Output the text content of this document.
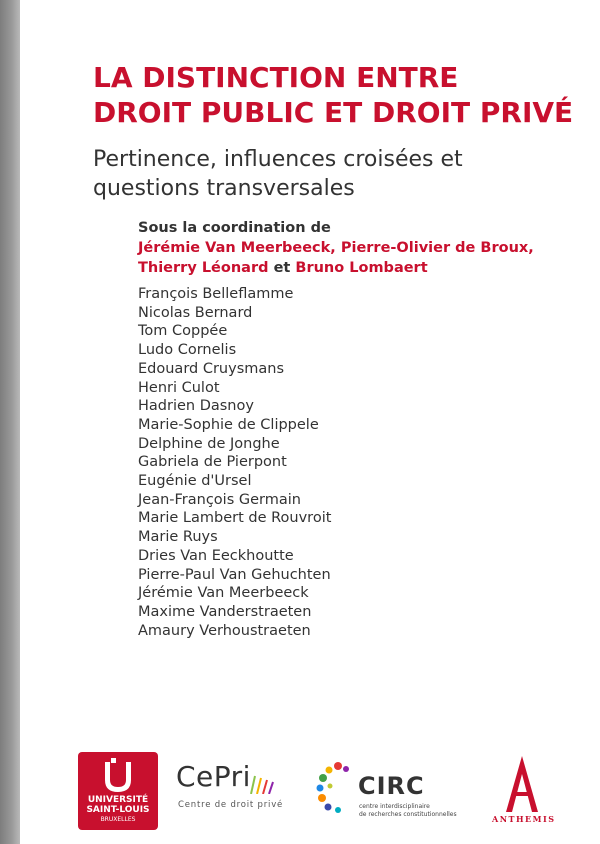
LA DISTINCTION ENTRE
DROIT PUBLIC ET DROIT PRIVÉ
Pertinence, influences croisées et
questions transversales
Sous la coordination de
Jérémie Van Meerbeeck, Pierre-Olivier de Broux,
Thierry Léonard et Bruno Lombaert
François Belleflamme
Nicolas Bernard
Tom Coppée
Ludo Cornelis
Edouard Cruysmans
Henri Culot
Hadrien Dasnoy
Marie-Sophie de Clippele
Delphine de Jonghe
Gabriela de Pierpont
Eugénie d'Ursel
Jean-François Germain
Marie Lambert de Rouvroit
Marie Ruys
Dries Van Eeckhoutte
Pierre-Paul Van Gehuchten
Jérémie Van Meerbeeck
Maxime Vanderstraeten
Amaury Verhoustraeten
UNIVERSITÉ
SAINT-LOUIS
BRUXELLES
CePri
Centre de droit privé
CIRC
centre interdisciplinaire
de recherches constitutionnelles	ANTHEMIS
